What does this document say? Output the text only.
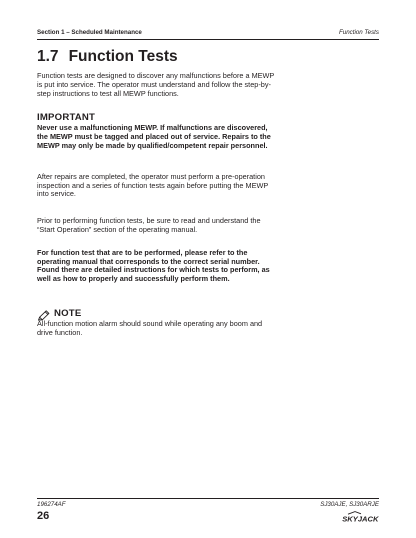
Section 1 – Scheduled Maintenance	Function Tests
1.7 Function Tests

Function tests are designed to discover any malfunctions before a MEWP is put into service. The operator must understand and follow the step-by-step instructions to test all MEWP functions.

IMPORTANT

Never use a malfunctioning MEWP. If malfunctions are discovered, the MEWP must be tagged and placed out of service. Repairs to the MEWP may only be made by qualified/competent repair personnel.

After repairs are completed, the operator must perform a pre-operation inspection and a series of function tests again before putting the MEWP into service.

Prior to performing function tests, be sure to read and understand the “Start Operation” section of the operating manual.

For function test that are to be performed, please refer to the operating manual that corresponds to the correct serial number. Found there are detailed instructions for which tests to perform, as well as how to properly and successfully perform them.

NOTE

All-function motion alarm should sound while operating any boom and drive function.

196274AF
26
SJ30AJE, SJ30ARJE
SKYJACK
